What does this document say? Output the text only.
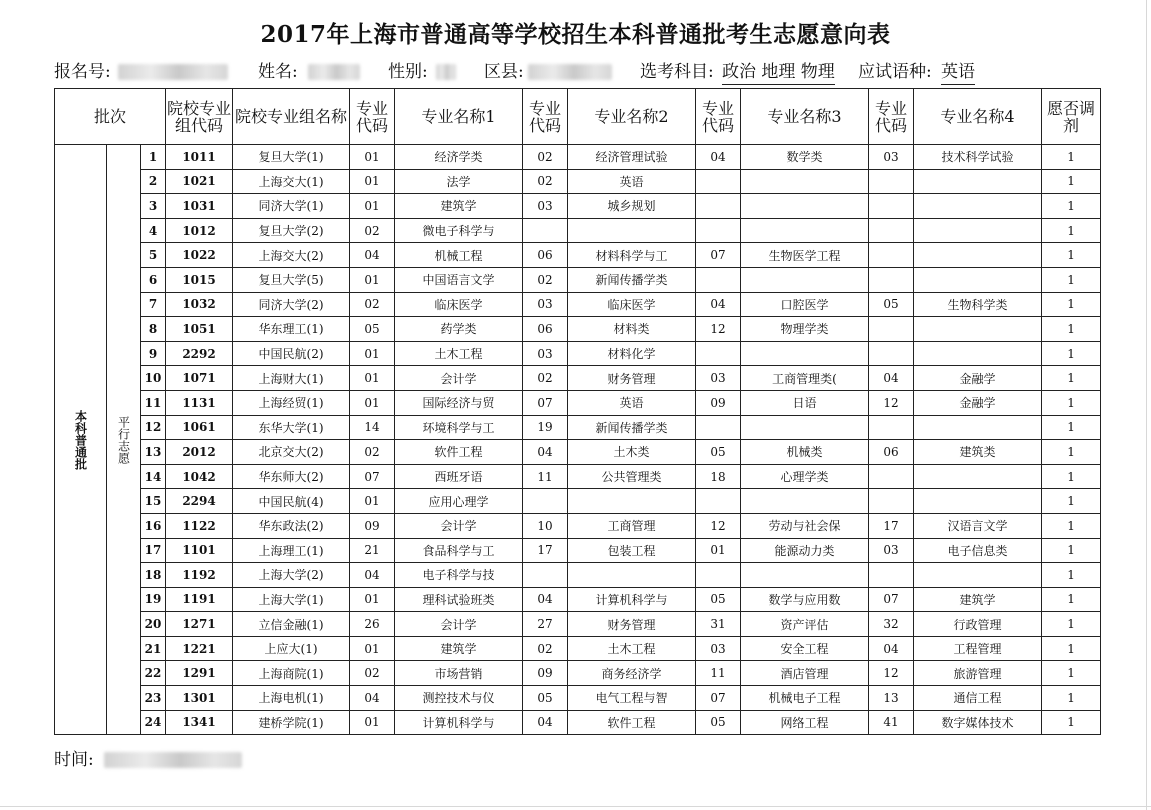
2017年上海市普通高等学校招生本科普通批考生志愿意向表
报名号:	姓名:	性别:	区县:	选考科目: 政治 地理 物理 应试语种: 英语
批次			院校专业组代码	院校专业组名称	专业代码	专业名称1	专业代码	专业名称2	专业代码	专业名称3	专业代码	专业名称4	愿否调剂
本科普通批	平行志愿	1	1011	复旦大学(1)	01	经济学类	02	经济管理试验	04	数学类	03	技术科学试验	1
		2	1021	上海交大(1)	01	法学	02	英语					1
		3	1031	同济大学(1)	01	建筑学	03	城乡规划					1
		4	1012	复旦大学(2)	02	微电子科学与							1
		5	1022	上海交大(2)	04	机械工程	06	材料科学与工	07	生物医学工程			1
		6	1015	复旦大学(5)	01	中国语言文学	02	新闻传播学类					1
		7	1032	同济大学(2)	02	临床医学	03	临床医学	04	口腔医学	05	生物科学类	1
		8	1051	华东理工(1)	05	药学类	06	材料类	12	物理学类			1
		9	2292	中国民航(2)	01	土木工程	03	材料化学					1
		10	1071	上海财大(1)	01	会计学	02	财务管理	03	工商管理类(	04	金融学	1
		11	1131	上海经贸(1)	01	国际经济与贸	07	英语	09	日语	12	金融学	1
		12	1061	东华大学(1)	14	环境科学与工	19	新闻传播学类					1
		13	2012	北京交大(2)	02	软件工程	04	土木类	05	机械类	06	建筑类	1
		14	1042	华东师大(2)	07	西班牙语	11	公共管理类	18	心理学类			1
		15	2294	中国民航(4)	01	应用心理学							1
		16	1122	华东政法(2)	09	会计学	10	工商管理	12	劳动与社会保	17	汉语言文学	1
		17	1101	上海理工(1)	21	食品科学与工	17	包装工程	01	能源动力类	03	电子信息类	1
		18	1192	上海大学(2)	04	电子科学与技							1
		19	1191	上海大学(1)	01	理科试验班类	04	计算机科学与	05	数学与应用数	07	建筑学	1
		20	1271	立信金融(1)	26	会计学	27	财务管理	31	资产评估	32	行政管理	1
		21	1221	上应大(1)	01	建筑学	02	土木工程	03	安全工程	04	工程管理	1
		22	1291	上海商院(1)	02	市场营销	09	商务经济学	11	酒店管理	12	旅游管理	1
		23	1301	上海电机(1)	04	测控技术与仪	05	电气工程与智	07	机械电子工程	13	通信工程	1
		24	1341	建桥学院(1)	01	计算机科学与	04	软件工程	05	网络工程	41	数字媒体技术	1
时间:
